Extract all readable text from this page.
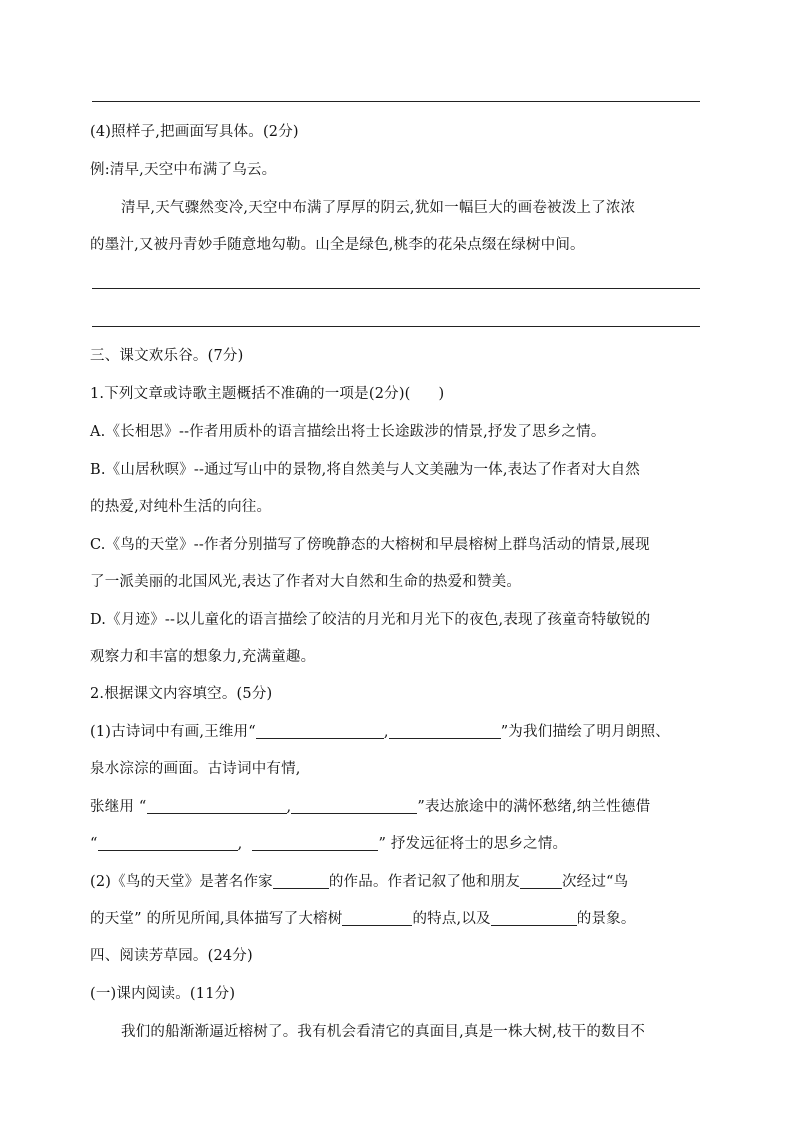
(4)照样子,把画面写具体。(2分)
例:清早,天空中布满了乌云。
清早,天气骤然变冷,天空中布满了厚厚的阴云,犹如一幅巨大的画卷被泼上了浓浓
的墨汁,又被丹青妙手随意地勾勒。山全是绿色,桃李的花朵点缀在绿树中间。
三、课文欢乐谷。(7分)
1.下列文章或诗歌主题概括不准确的一项是(2分)( )
A.《长相思》--作者用质朴的语言描绘出将士长途跋涉的情景,抒发了思乡之情。
B.《山居秋暝》--通过写山中的景物,将自然美与人文美融为一体,表达了作者对大自然
的热爱,对纯朴生活的向往。
C.《鸟的天堂》--作者分别描写了傍晚静态的大榕树和早晨榕树上群鸟活动的情景,展现
了一派美丽的北国风光,表达了作者对大自然和生命的热爱和赞美。
D.《月迹》--以儿童化的语言描绘了皎洁的月光和月光下的夜色,表现了孩童奇特敏锐的
观察力和丰富的想象力,充满童趣。
2.根据课文内容填空。(5分)
(1)古诗词中有画,王维用“	,	”为我们描绘了明月朗照、
泉水淙淙的画面。古诗词中有情,
张继用 “	,	”表达旅途中的满怀愁绪,纳兰性德借
“	,	” 抒发远征将士的思乡之情。
(2)《鸟的天堂》是著名作家	的作品。作者记叙了他和朋友	次经过“鸟
的天堂” 的所见所闻,具体描写了大榕树	的特点,以及	的景象。
四、阅读芳草园。(24分)
(一)课内阅读。(11分)
我们的船渐渐逼近榕树了。我有机会看清它的真面目,真是一株大树,枝干的数目不
